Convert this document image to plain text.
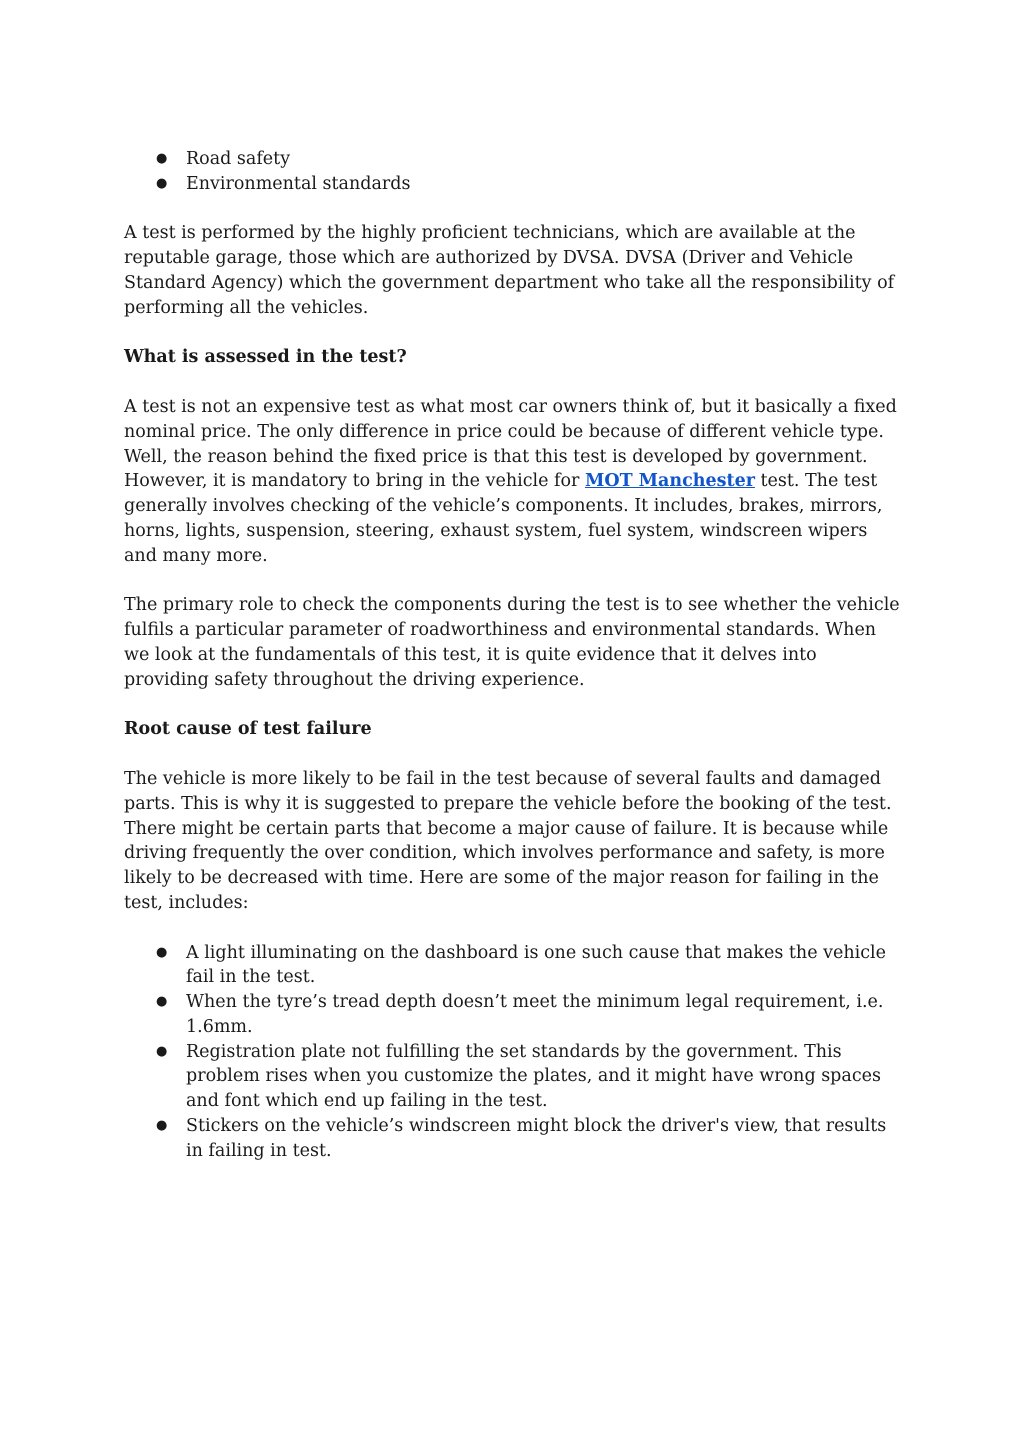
● Road safety
● Environmental standards

A test is performed by the highly proficient technicians, which are available at the reputable garage, those which are authorized by DVSA. DVSA (Driver and Vehicle Standard Agency) which the government department who take all the responsibility of performing all the vehicles.

What is assessed in the test?

A test is not an expensive test as what most car owners think of, but it basically a fixed nominal price. The only difference in price could be because of different vehicle type. Well, the reason behind the fixed price is that this test is developed by government. However, it is mandatory to bring in the vehicle for MOT Manchester test. The test generally involves checking of the vehicle’s components. It includes, brakes, mirrors, horns, lights, suspension, steering, exhaust system, fuel system, windscreen wipers and many more.

The primary role to check the components during the test is to see whether the vehicle fulfils a particular parameter of roadworthiness and environmental standards. When we look at the fundamentals of this test, it is quite evidence that it delves into providing safety throughout the driving experience.

Root cause of test failure

The vehicle is more likely to be fail in the test because of several faults and damaged parts. This is why it is suggested to prepare the vehicle before the booking of the test. There might be certain parts that become a major cause of failure. It is because while driving frequently the over condition, which involves performance and safety, is more likely to be decreased with time. Here are some of the major reason for failing in the test, includes:

● A light illuminating on the dashboard is one such cause that makes the vehicle fail in the test.
● When the tyre’s tread depth doesn’t meet the minimum legal requirement, i.e. 1.6mm.
● Registration plate not fulfilling the set standards by the government. This problem rises when you customize the plates, and it might have wrong spaces and font which end up failing in the test.
● Stickers on the vehicle’s windscreen might block the driver's view, that results in failing in test.
